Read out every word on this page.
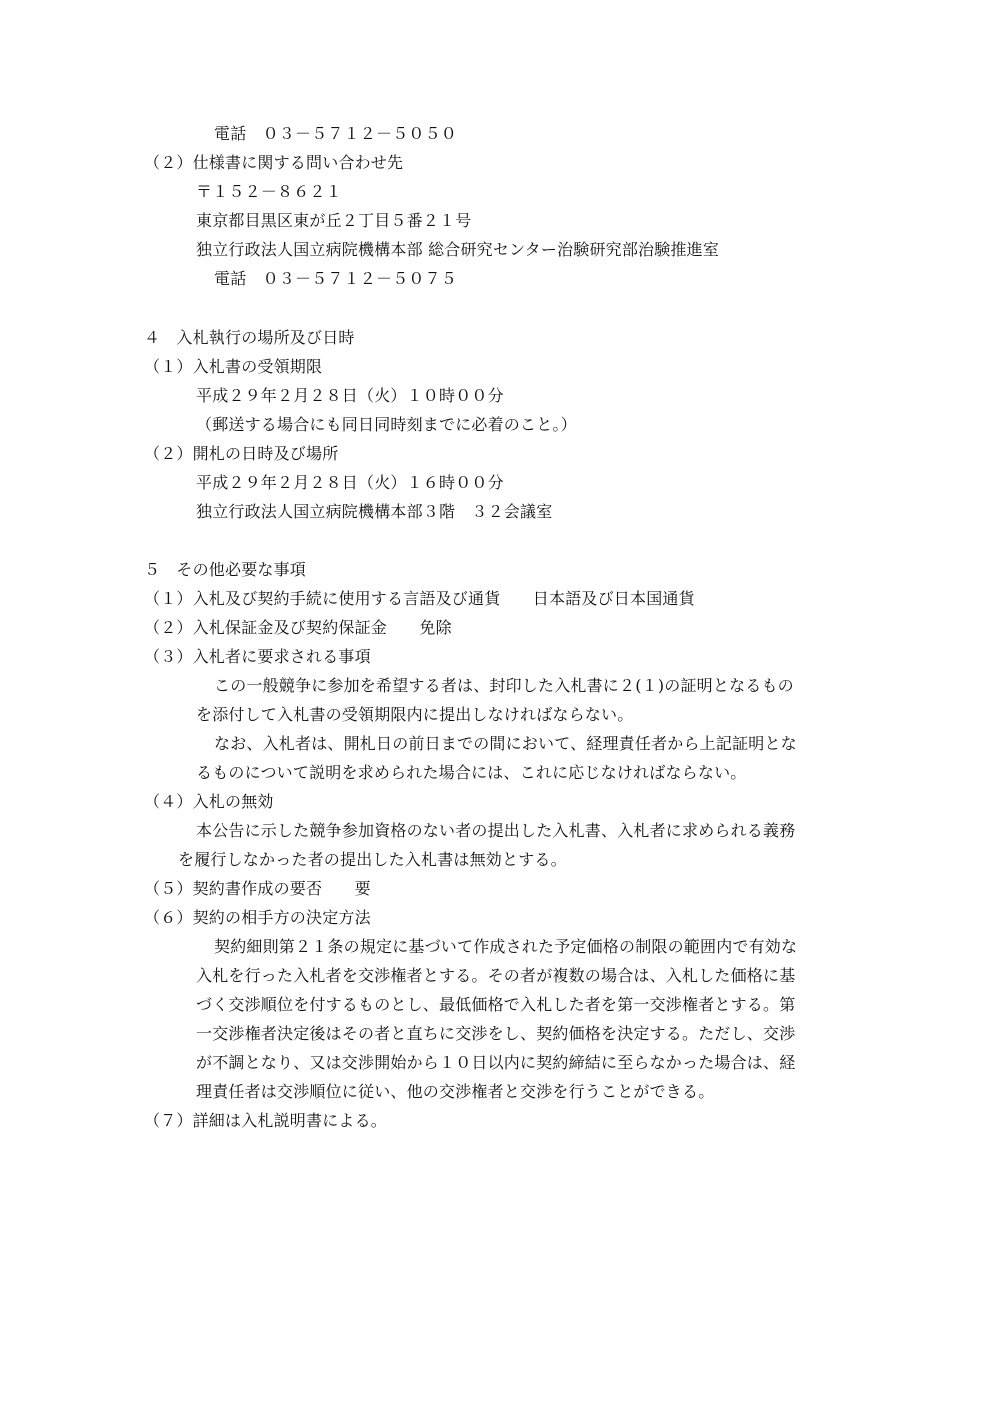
電話　０３－５７１２－５０５０
（２）仕様書に関する問い合わせ先
〒１５２－８６２１
東京都目黒区東が丘２丁目５番２１号
独立行政法人国立病院機構本部 総合研究センター治験研究部治験推進室
電話　０３－５７１２－５０７５
４　入札執行の場所及び日時
（１）入札書の受領期限
平成２９年２月２８日（火）１０時００分
（郵送する場合にも同日同時刻までに必着のこと。）
（２）開札の日時及び場所
平成２９年２月２８日（火）１６時００分
独立行政法人国立病院機構本部３階　３２会議室
５　その他必要な事項
（１）入札及び契約手続に使用する言語及び通貨　　日本語及び日本国通貨
（２）入札保証金及び契約保証金　　免除
（３）入札者に要求される事項
この一般競争に参加を希望する者は、封印した入札書に２(１)の証明となるもの
を添付して入札書の受領期限内に提出しなければならない。
なお、入札者は、開札日の前日までの間において、経理責任者から上記証明とな
るものについて説明を求められた場合には、これに応じなければならない。
（４）入札の無効
本公告に示した競争参加資格のない者の提出した入札書、入札者に求められる義務
を履行しなかった者の提出した入札書は無効とする。
（５）契約書作成の要否　　要
（６）契約の相手方の決定方法
契約細則第２１条の規定に基づいて作成された予定価格の制限の範囲内で有効な
入札を行った入札者を交渉権者とする。その者が複数の場合は、入札した価格に基
づく交渉順位を付するものとし、最低価格で入札した者を第一交渉権者とする。第
一交渉権者決定後はその者と直ちに交渉をし、契約価格を決定する。ただし、交渉
が不調となり、又は交渉開始から１０日以内に契約締結に至らなかった場合は、経
理責任者は交渉順位に従い、他の交渉権者と交渉を行うことができる。
（７）詳細は入札説明書による。
